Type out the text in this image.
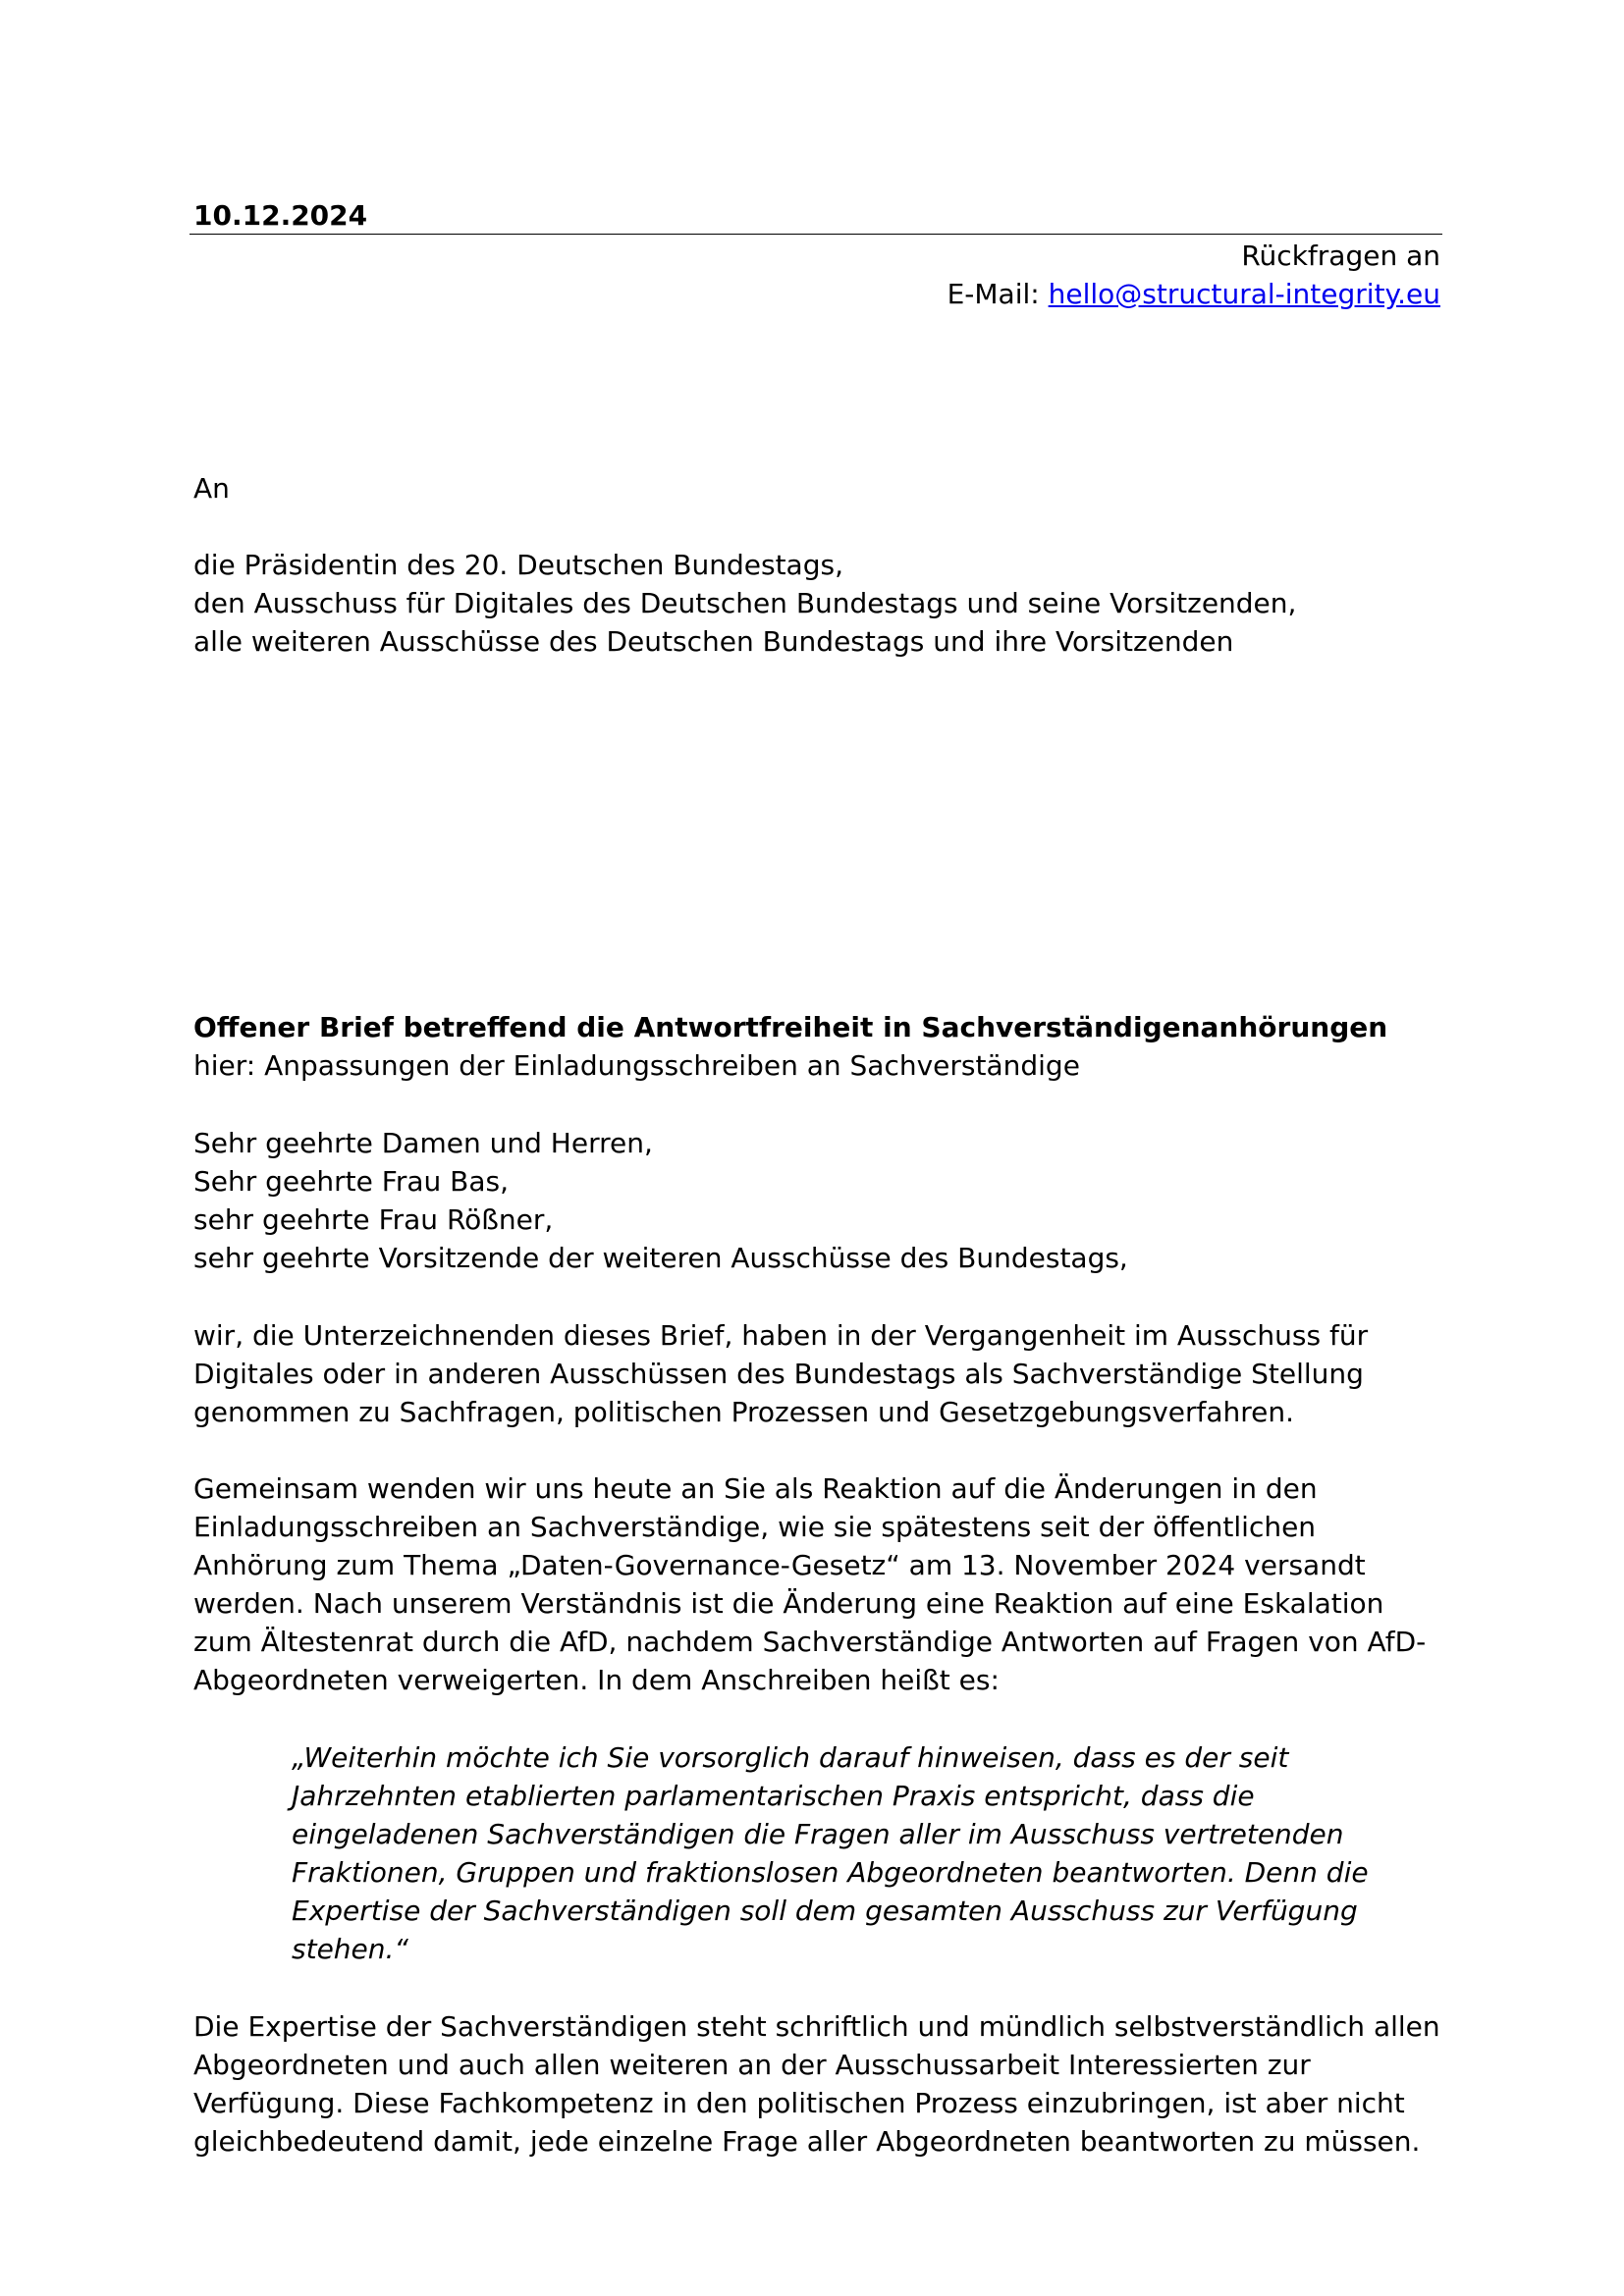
10.12.2024
Rückfragen an
E-Mail: hello@structural-integrity.eu
An
die Präsidentin des 20. Deutschen Bundestags,
den Ausschuss für Digitales des Deutschen Bundestags und seine Vorsitzenden,
alle weiteren Ausschüsse des Deutschen Bundestags und ihre Vorsitzenden
Offener Brief betreffend die Antwortfreiheit in Sachverständigenanhörungen
hier: Anpassungen der Einladungsschreiben an Sachverständige
Sehr geehrte Damen und Herren,
Sehr geehrte Frau Bas,
sehr geehrte Frau Rößner,
sehr geehrte Vorsitzende der weiteren Ausschüsse des Bundestags,
wir, die Unterzeichnenden dieses Brief, haben in der Vergangenheit im Ausschuss für
Digitales oder in anderen Ausschüssen des Bundestags als Sachverständige Stellung
genommen zu Sachfragen, politischen Prozessen und Gesetzgebungsverfahren.
Gemeinsam wenden wir uns heute an Sie als Reaktion auf die Änderungen in den
Einladungsschreiben an Sachverständige, wie sie spätestens seit der öffentlichen
Anhörung zum Thema „Daten-Governance-Gesetz“ am 13. November 2024 versandt
werden. Nach unserem Verständnis ist die Änderung eine Reaktion auf eine Eskalation
zum Ältestenrat durch die AfD, nachdem Sachverständige Antworten auf Fragen von AfD-
Abgeordneten verweigerten. In dem Anschreiben heißt es:
„Weiterhin möchte ich Sie vorsorglich darauf hinweisen, dass es der seit
Jahrzehnten etablierten parlamentarischen Praxis entspricht, dass die
eingeladenen Sachverständigen die Fragen aller im Ausschuss vertretenden
Fraktionen, Gruppen und fraktionslosen Abgeordneten beantworten. Denn die
Expertise der Sachverständigen soll dem gesamten Ausschuss zur Verfügung
stehen.“
Die Expertise der Sachverständigen steht schriftlich und mündlich selbstverständlich allen
Abgeordneten und auch allen weiteren an der Ausschussarbeit Interessierten zur
Verfügung. Diese Fachkompetenz in den politischen Prozess einzubringen, ist aber nicht
gleichbedeutend damit, jede einzelne Frage aller Abgeordneten beantworten zu müssen.
